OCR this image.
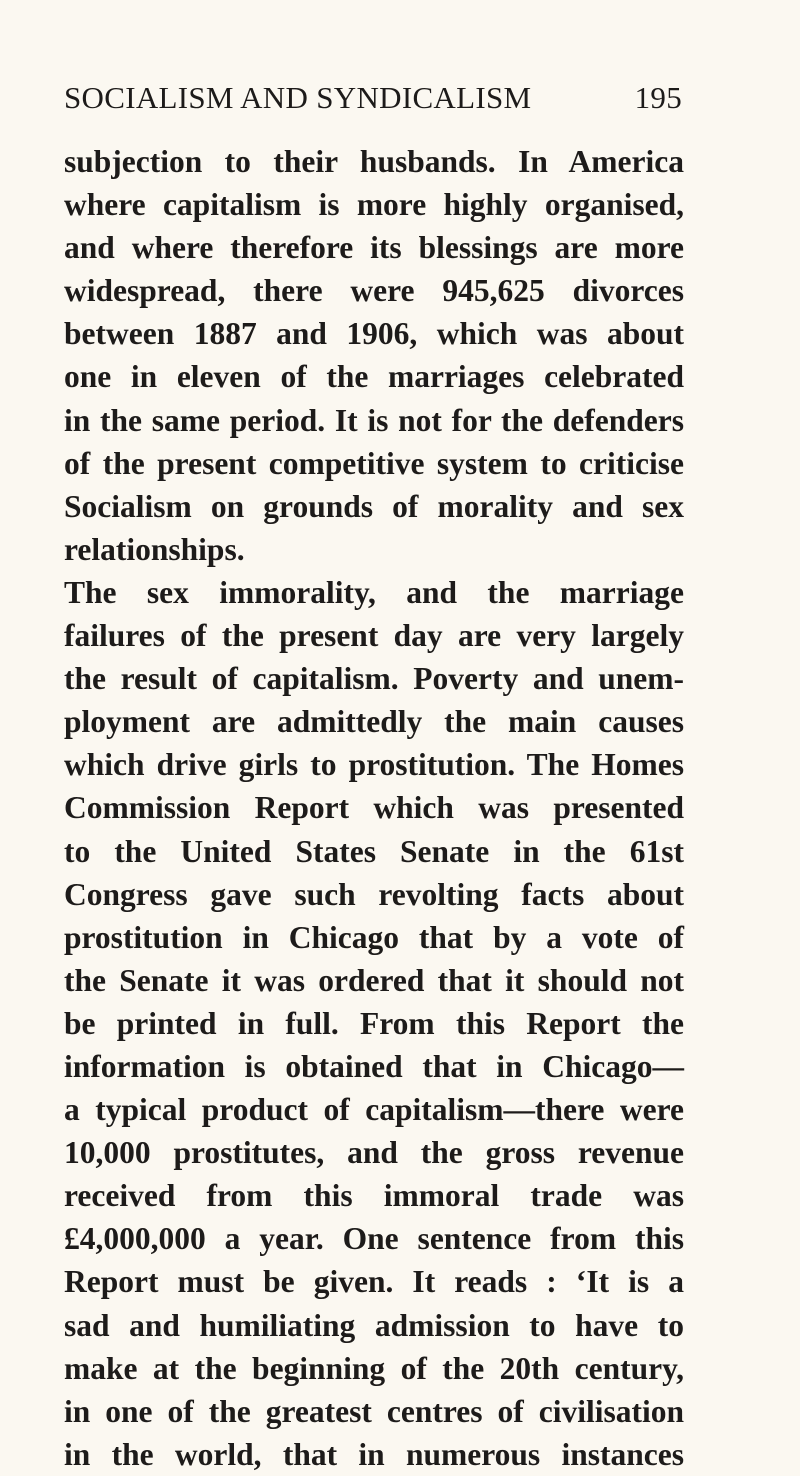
SOCIALISM AND SYNDICALISM	195
subjection to their husbands. In America
where capitalism is more highly organised,
and where therefore its blessings are more
widespread, there were 945,625 divorces
between 1887 and 1906, which was about
one in eleven of the marriages celebrated
in the same period. It is not for the defenders
of the present competitive system to criticise
Socialism on grounds of morality and sex
relationships.
The sex immorality, and the marriage
failures of the present day are very largely
the result of capitalism. Poverty and unem-
ployment are admittedly the main causes
which drive girls to prostitution. The Homes
Commission Report which was presented
to the United States Senate in the 61st
Congress gave such revolting facts about
prostitution in Chicago that by a vote of
the Senate it was ordered that it should not
be printed in full. From this Report the
information is obtained that in Chicago—
a typical product of capitalism—there were
10,000 prostitutes, and the gross revenue
received from this immoral trade was
£4,000,000 a year. One sentence from this
Report must be given. It reads : ‘It is a
sad and humiliating admission to have to
make at the beginning of the 20th century,
in one of the greatest centres of civilisation
in the world, that in numerous instances
